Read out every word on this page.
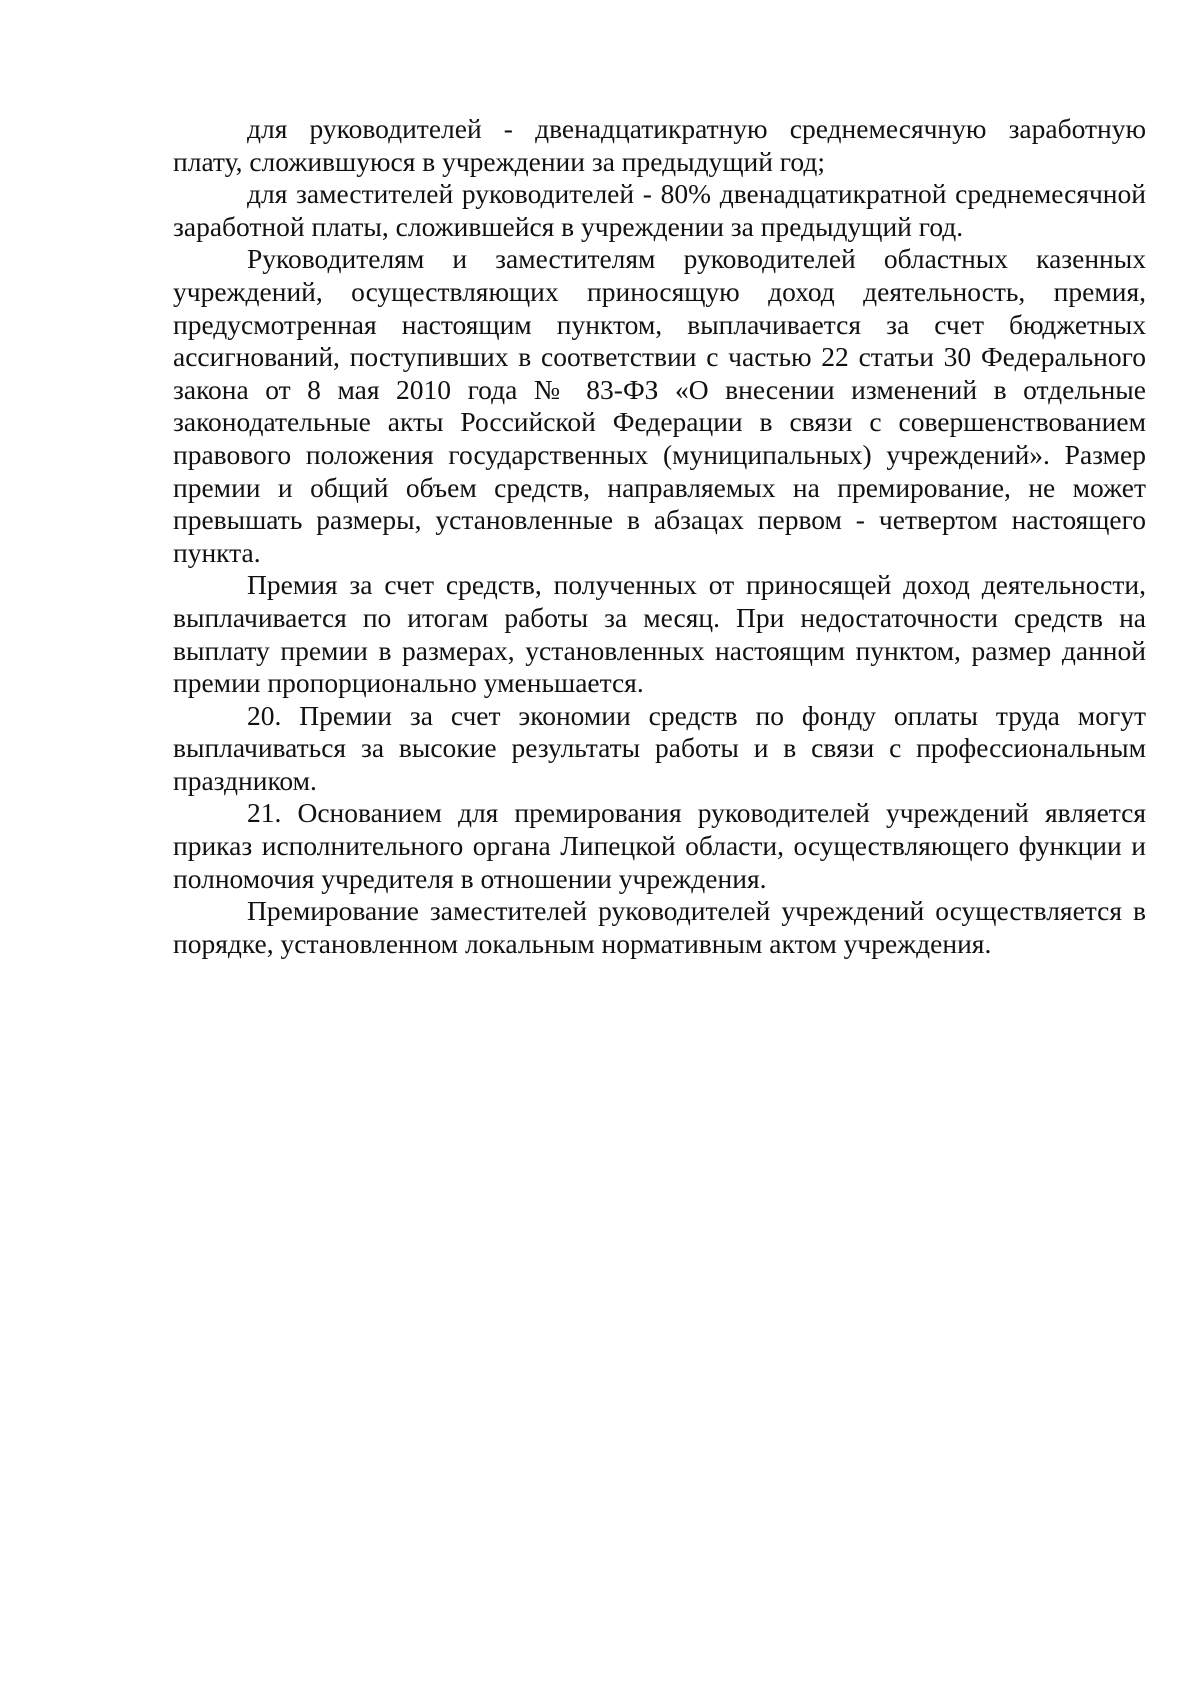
для руководителей - двенадцатикратную среднемесячную заработную плату, сложившуюся в учреждении за предыдущий год;

для заместителей руководителей - 80% двенадцатикратной среднемесячной заработной платы, сложившейся в учреждении за предыдущий год.

Руководителям и заместителям руководителей областных казенных учреждений, осуществляющих приносящую доход деятельность, премия, предусмотренная настоящим пунктом, выплачивается за счет бюджетных ассигнований, поступивших в соответствии с частью 22 статьи 30 Федерального закона от 8 мая 2010 года № 83-ФЗ «О внесении изменений в отдельные законодательные акты Российской Федерации в связи с совершенствованием правового положения государственных (муниципальных) учреждений». Размер премии и общий объем средств, направляемых на премирование, не может превышать размеры, установленные в абзацах первом - четвертом настоящего пункта.

Премия за счет средств, полученных от приносящей доход деятельности, выплачивается по итогам работы за месяц. При недостаточности средств на выплату премии в размерах, установленных настоящим пунктом, размер данной премии пропорционально уменьшается.

20. Премии за счет экономии средств по фонду оплаты труда могут выплачиваться за высокие результаты работы и в связи с профессиональным праздником.

21. Основанием для премирования руководителей учреждений является приказ исполнительного органа Липецкой области, осуществляющего функции и полномочия учредителя в отношении учреждения.

Премирование заместителей руководителей учреждений осуществляется в порядке, установленном локальным нормативным актом учреждения.
